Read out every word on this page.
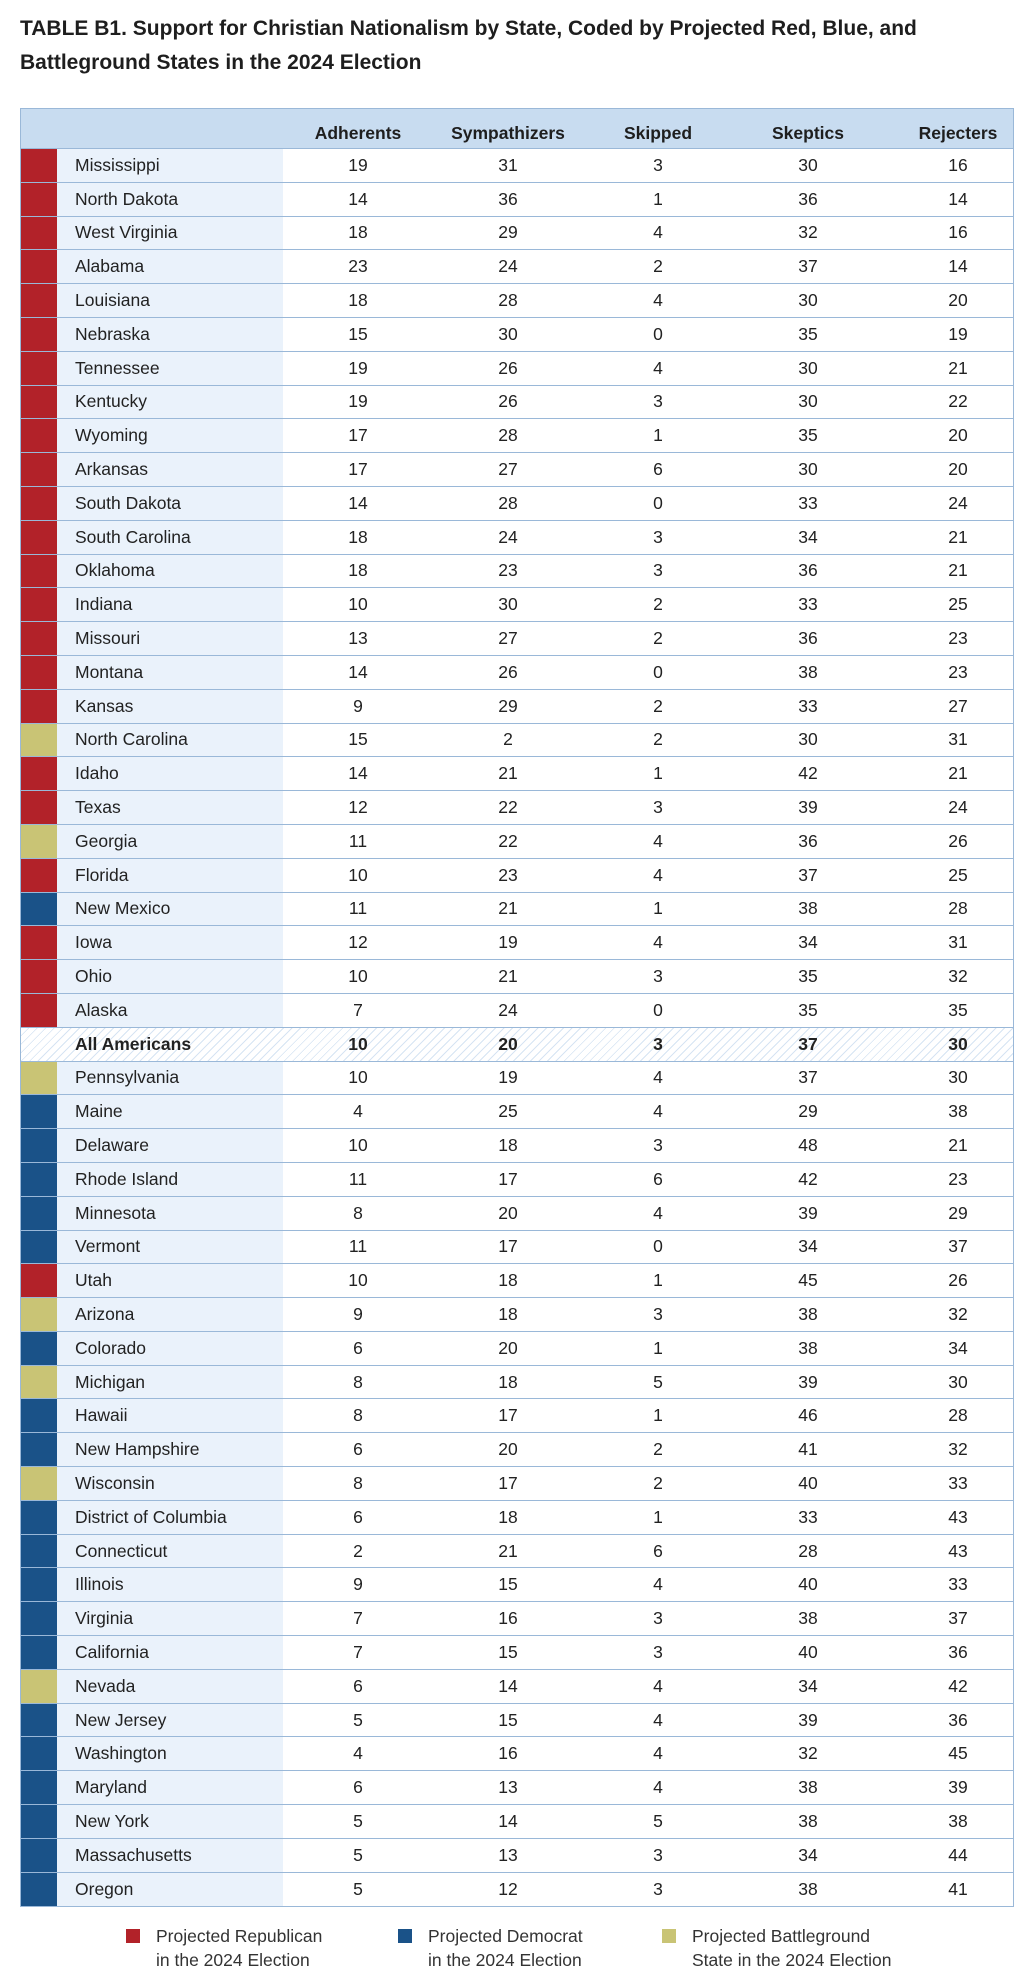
TABLE B1. Support for Christian Nationalism by State, Coded by Projected Red, Blue, and Battleground States in the 2024 Election
Adherents	Sympathizers	Skipped	Skeptics	Rejecters
Mississippi	19	31	3	30	16
North Dakota	14	36	1	36	14
West Virginia	18	29	4	32	16
Alabama	23	24	2	37	14
Louisiana	18	28	4	30	20
Nebraska	15	30	0	35	19
Tennessee	19	26	4	30	21
Kentucky	19	26	3	30	22
Wyoming	17	28	1	35	20
Arkansas	17	27	6	30	20
South Dakota	14	28	0	33	24
South Carolina	18	24	3	34	21
Oklahoma	18	23	3	36	21
Indiana	10	30	2	33	25
Missouri	13	27	2	36	23
Montana	14	26	0	38	23
Kansas	9	29	2	33	27
North Carolina	15	2	2	30	31
Idaho	14	21	1	42	21
Texas	12	22	3	39	24
Georgia	11	22	4	36	26
Florida	10	23	4	37	25
New Mexico	11	21	1	38	28
Iowa	12	19	4	34	31
Ohio	10	21	3	35	32
Alaska	7	24	0	35	35
All Americans	10	20	3	37	30
Pennsylvania	10	19	4	37	30
Maine	4	25	4	29	38
Delaware	10	18	3	48	21
Rhode Island	11	17	6	42	23
Minnesota	8	20	4	39	29
Vermont	11	17	0	34	37
Utah	10	18	1	45	26
Arizona	9	18	3	38	32
Colorado	6	20	1	38	34
Michigan	8	18	5	39	30
Hawaii	8	17	1	46	28
New Hampshire	6	20	2	41	32
Wisconsin	8	17	2	40	33
District of Columbia	6	18	1	33	43
Connecticut	2	21	6	28	43
Illinois	9	15	4	40	33
Virginia	7	16	3	38	37
California	7	15	3	40	36
Nevada	6	14	4	34	42
New Jersey	5	15	4	39	36
Washington	4	16	4	32	45
Maryland	6	13	4	38	39
New York	5	14	5	38	38
Massachusetts	5	13	3	34	44
Oregon	5	12	3	38	41
Projected Republican
in the 2024 Election
Projected Democrat
in the 2024 Election
Projected Battleground
State in the 2024 Election
